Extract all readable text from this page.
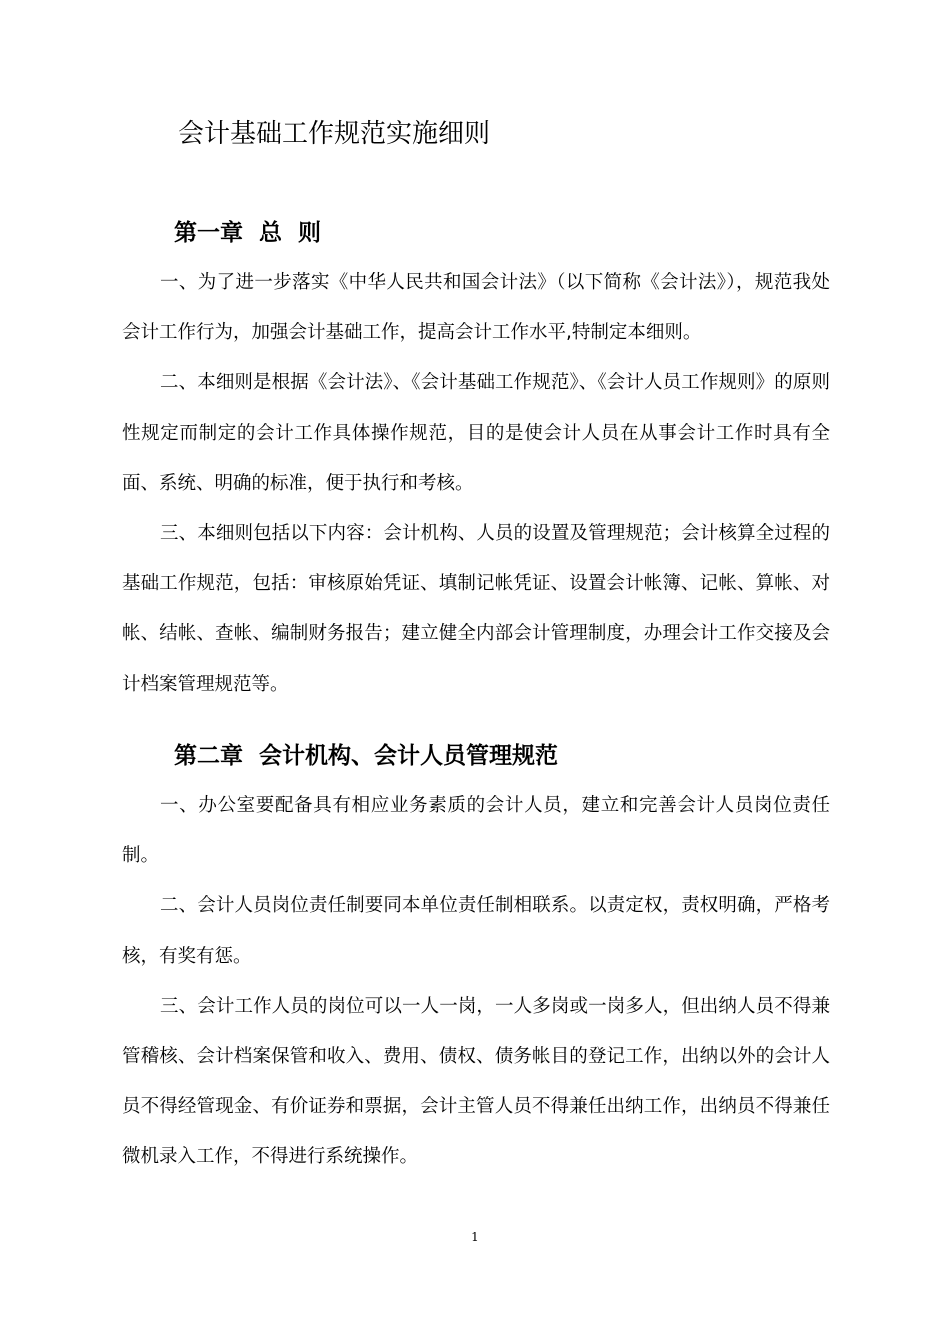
会计基础工作规范实施细则
第一章  总  则

一、为了进一步落实《中华人民共和国会计法》（以下简称《会计法》），规范我处会计工作行为，加强会计基础工作，提高会计工作水平,特制定本细则。

二、本细则是根据《会计法》、《会计基础工作规范》、《会计人员工作规则》的原则性规定而制定的会计工作具体操作规范，目的是使会计人员在从事会计工作时具有全面、系统、明确的标准，便于执行和考核。

三、本细则包括以下内容：会计机构、人员的设置及管理规范；会计核算全过程的基础工作规范，包括：审核原始凭证、填制记帐凭证、设置会计帐簿、记帐、算帐、对帐、结帐、查帐、编制财务报告；建立健全内部会计管理制度，办理会计工作交接及会计档案管理规范等。

第二章  会计机构、会计人员管理规范

一、办公室要配备具有相应业务素质的会计人员，建立和完善会计人员岗位责任制。

二、会计人员岗位责任制要同本单位责任制相联系。以责定权，责权明确，严格考核，有奖有惩。

三、会计工作人员的岗位可以一人一岗，一人多岗或一岗多人，但出纳人员不得兼管稽核、会计档案保管和收入、费用、债权、债务帐目的登记工作，出纳以外的会计人员不得经管现金、有价证券和票据，会计主管人员不得兼任出纳工作，出纳员不得兼任微机录入工作，不得进行系统操作。

1
